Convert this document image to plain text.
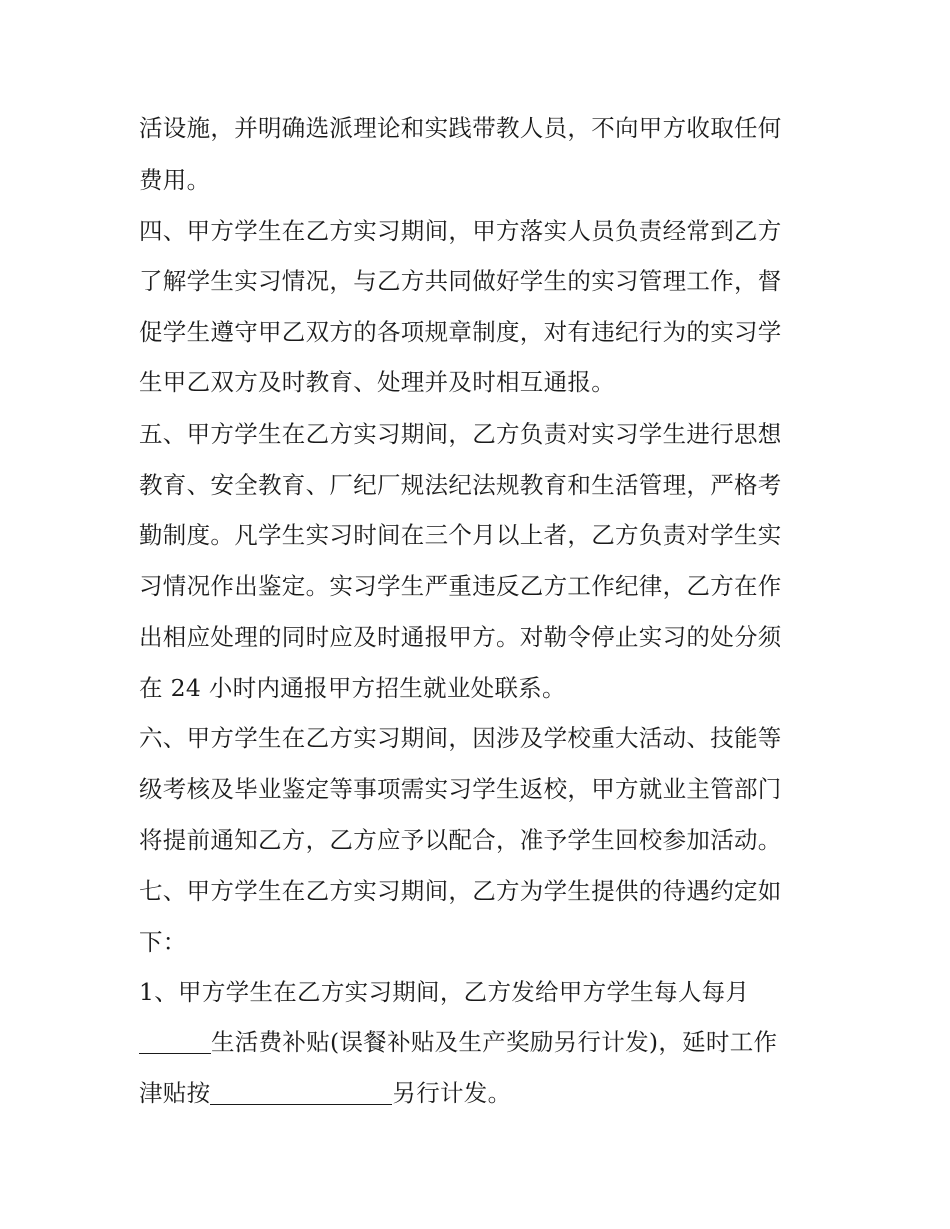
活设施，并明确选派理论和实践带教人员，不向甲方收取任何
费用。
四、甲方学生在乙方实习期间，甲方落实人员负责经常到乙方
了解学生实习情况，与乙方共同做好学生的实习管理工作，督
促学生遵守甲乙双方的各项规章制度，对有违纪行为的实习学
生甲乙双方及时教育、处理并及时相互通报。
五、甲方学生在乙方实习期间，乙方负责对实习学生进行思想
教育、安全教育、厂纪厂规法纪法规教育和生活管理，严格考
勤制度。凡学生实习时间在三个月以上者，乙方负责对学生实
习情况作出鉴定。实习学生严重违反乙方工作纪律，乙方在作
出相应处理的同时应及时通报甲方。对勒令停止实习的处分须
在 24 小时内通报甲方招生就业处联系。
六、甲方学生在乙方实习期间，因涉及学校重大活动、技能等
级考核及毕业鉴定等事项需实习学生返校，甲方就业主管部门
将提前通知乙方，乙方应予以配合，准予学生回校参加活动。
七、甲方学生在乙方实习期间，乙方为学生提供的待遇约定如
下：
1、甲方学生在乙方实习期间，乙方发给甲方学生每人每月
生活费补贴(误餐补贴及生产奖励另行计发)，延时工作
津贴按	另行计发。
